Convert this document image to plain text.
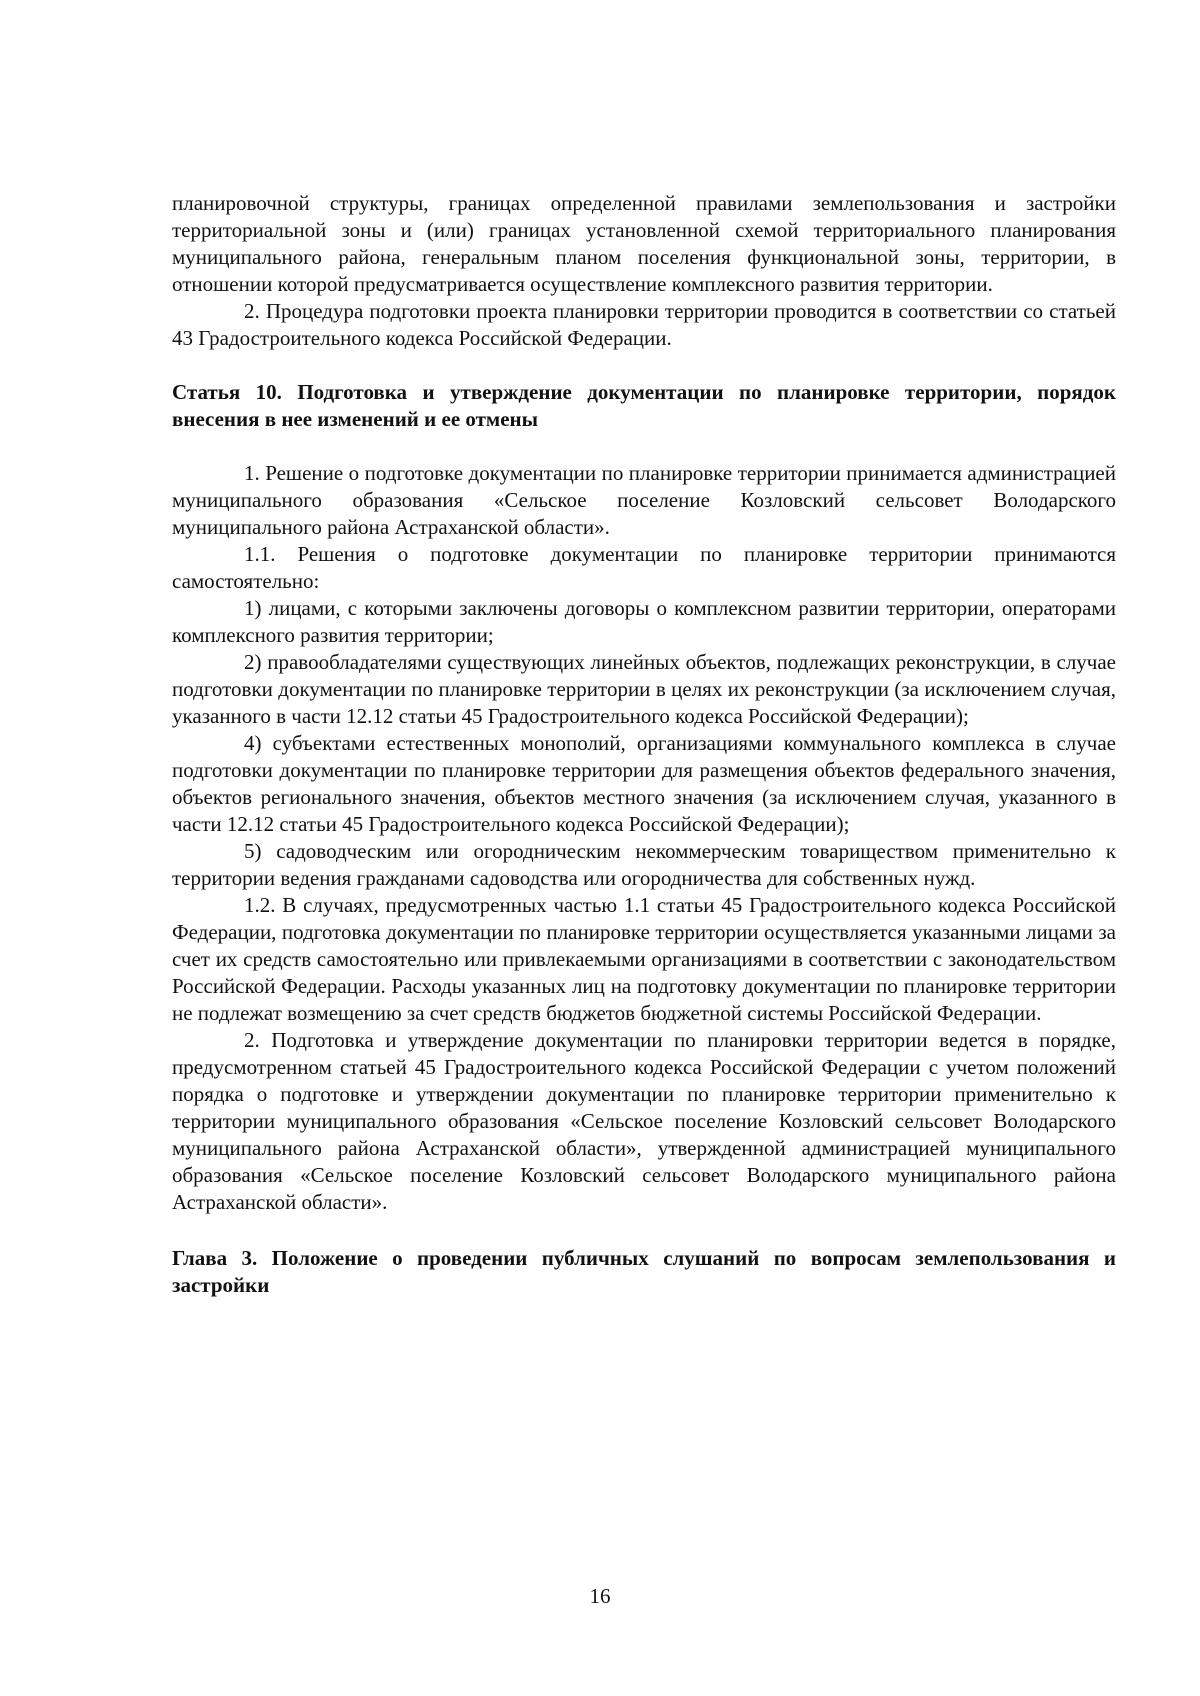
планировочной структуры, границах определенной правилами землепользования и застройки территориальной зоны и (или) границах установленной схемой территориального планирования муниципального района, генеральным планом поселения функциональной зоны, территории, в отношении которой предусматривается осуществление комплексного развития территории.

2. Процедура подготовки проекта планировки территории проводится в соответствии со статьей 43 Градостроительного кодекса Российской Федерации.

Статья 10. Подготовка и утверждение документации по планировке территории, порядок внесения в нее изменений и ее отмены

1. Решение о подготовке документации по планировке территории принимается администрацией муниципального образования «Сельское поселение Козловский сельсовет Володарского муниципального района Астраханской области».

1.1. Решения о подготовке документации по планировке территории принимаются самостоятельно:

1) лицами, с которыми заключены договоры о комплексном развитии территории, операторами комплексного развития территории;

2) правообладателями существующих линейных объектов, подлежащих реконструкции, в случае подготовки документации по планировке территории в целях их реконструкции (за исключением случая, указанного в части 12.12 статьи 45 Градостроительного кодекса Российской Федерации);

4) субъектами естественных монополий, организациями коммунального комплекса в случае подготовки документации по планировке территории для размещения объектов федерального значения, объектов регионального значения, объектов местного значения (за исключением случая, указанного в части 12.12 статьи 45 Градостроительного кодекса Российской Федерации);

5) садоводческим или огородническим некоммерческим товариществом применительно к территории ведения гражданами садоводства или огородничества для собственных нужд.

1.2. В случаях, предусмотренных частью 1.1 статьи 45 Градостроительного кодекса Российской Федерации, подготовка документации по планировке территории осуществляется указанными лицами за счет их средств самостоятельно или привлекаемыми организациями в соответствии с законодательством Российской Федерации. Расходы указанных лиц на подготовку документации по планировке территории не подлежат возмещению за счет средств бюджетов бюджетной системы Российской Федерации.

2. Подготовка и утверждение документации по планировки территории ведется в порядке, предусмотренном статьей 45 Градостроительного кодекса Российской Федерации с учетом положений порядка о подготовке и утверждении документации по планировке территории применительно к территории муниципального образования «Сельское поселение Козловский сельсовет Володарского муниципального района Астраханской области», утвержденной администрацией муниципального образования «Сельское поселение Козловский сельсовет Володарского муниципального района Астраханской области».

Глава 3. Положение о проведении публичных слушаний по вопросам землепользования и застройки

16
